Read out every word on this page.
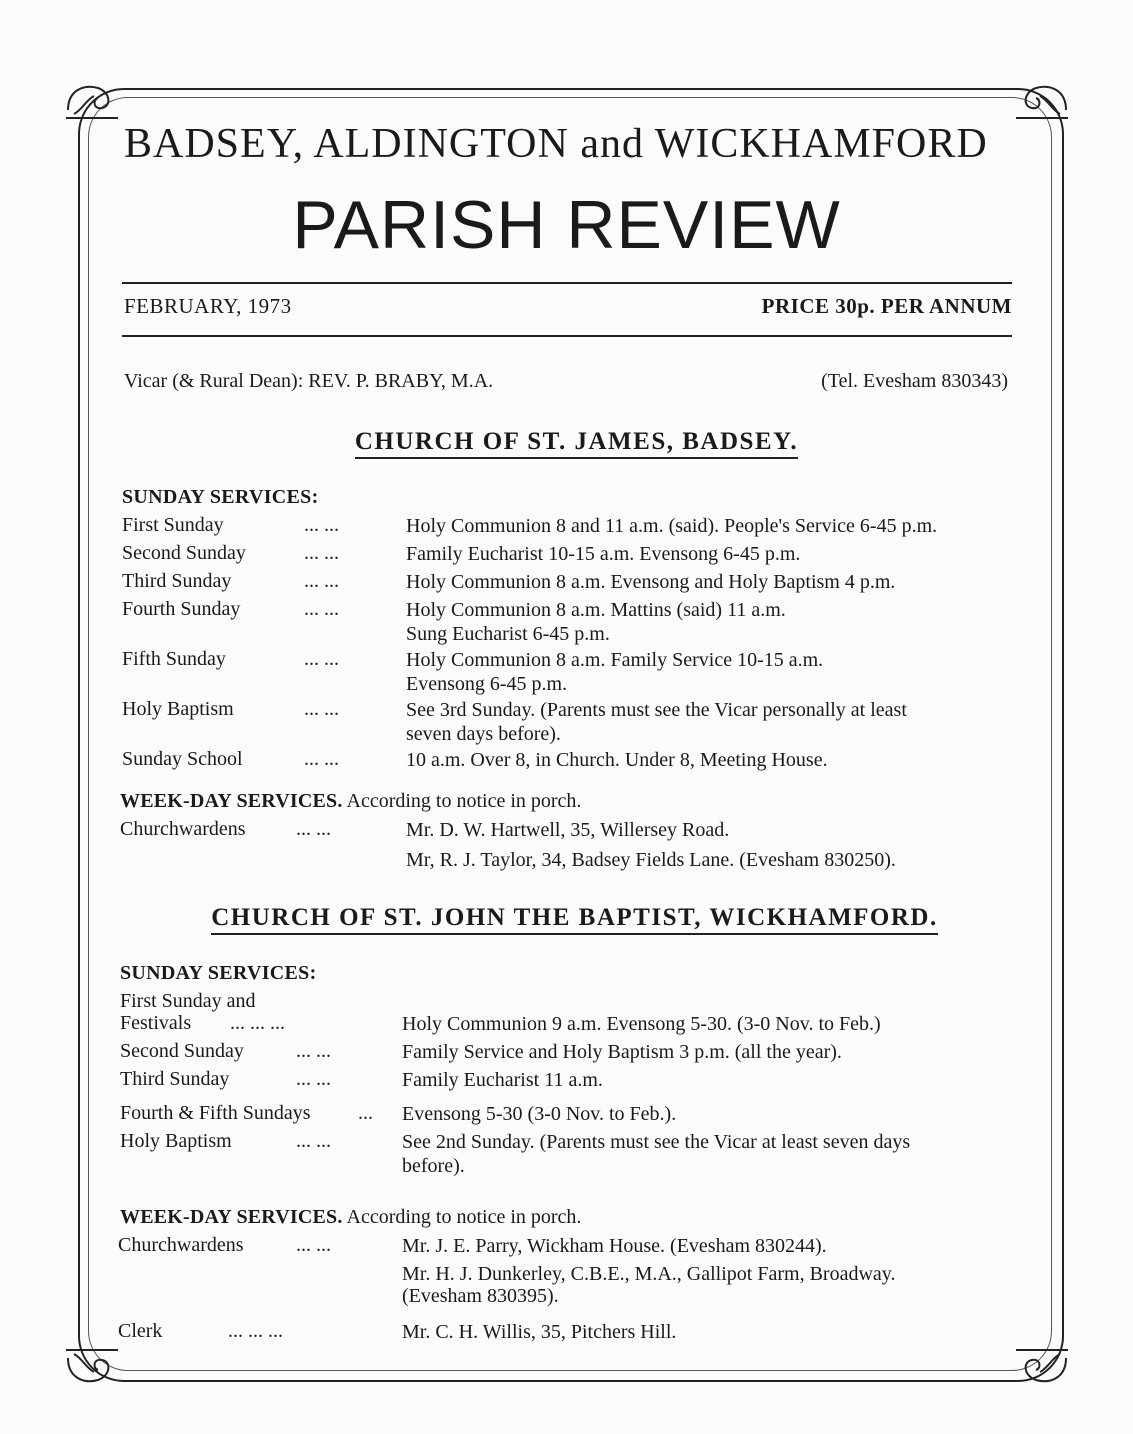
BADSEY, ALDINGTON and WICKHAMFORD
PARISH REVIEW
FEBRUARY, 1973	PRICE 30p. PER ANNUM
Vicar (& Rural Dean): REV. P. BRABY, M.A.	(Tel. Evesham 830343)
CHURCH OF ST. JAMES, BADSEY.
SUNDAY SERVICES:
First Sunday	... ...	Holy Communion 8 and 11 a.m. (said). People's Service 6-45 p.m.
Second Sunday	... ...	Family Eucharist 10-15 a.m. Evensong 6-45 p.m.
Third Sunday	... ...	Holy Communion 8 a.m. Evensong and Holy Baptism 4 p.m.
Fourth Sunday	... ...	Holy Communion 8 a.m. Mattins (said) 11 a.m.
Sung Eucharist 6-45 p.m.
Fifth Sunday	... ...	Holy Communion 8 a.m. Family Service 10-15 a.m.
Evensong 6-45 p.m.
Holy Baptism	... ...	See 3rd Sunday. (Parents must see the Vicar personally at least
seven days before).
Sunday School	... ...	10 a.m. Over 8, in Church. Under 8, Meeting House.
WEEK-DAY SERVICES. According to notice in porch.
Churchwardens	... ...	Mr. D. W. Hartwell, 35, Willersey Road.
Mr, R. J. Taylor, 34, Badsey Fields Lane. (Evesham 830250).
CHURCH OF ST. JOHN THE BAPTIST, WICKHAMFORD.
SUNDAY SERVICES:
First Sunday and
Festivals ... ... ...	Holy Communion 9 a.m. Evensong 5-30. (3-0 Nov. to Feb.)
Second Sunday	... ...	Family Service and Holy Baptism 3 p.m. (all the year).
Third Sunday	... ...	Family Eucharist 11 a.m.
Fourth & Fifth Sundays ... Evensong 5-30 (3-0 Nov. to Feb.).
Holy Baptism	... ...	See 2nd Sunday. (Parents must see the Vicar at least seven days
before).
WEEK-DAY SERVICES. According to notice in porch.
Churchwardens	... ...	Mr. J. E. Parry, Wickham House. (Evesham 830244).
Mr. H. J. Dunkerley, C.B.E., M.A., Gallipot Farm, Broadway.
(Evesham 830395).
Clerk	... ... ...	Mr. C. H. Willis, 35, Pitchers Hill.
